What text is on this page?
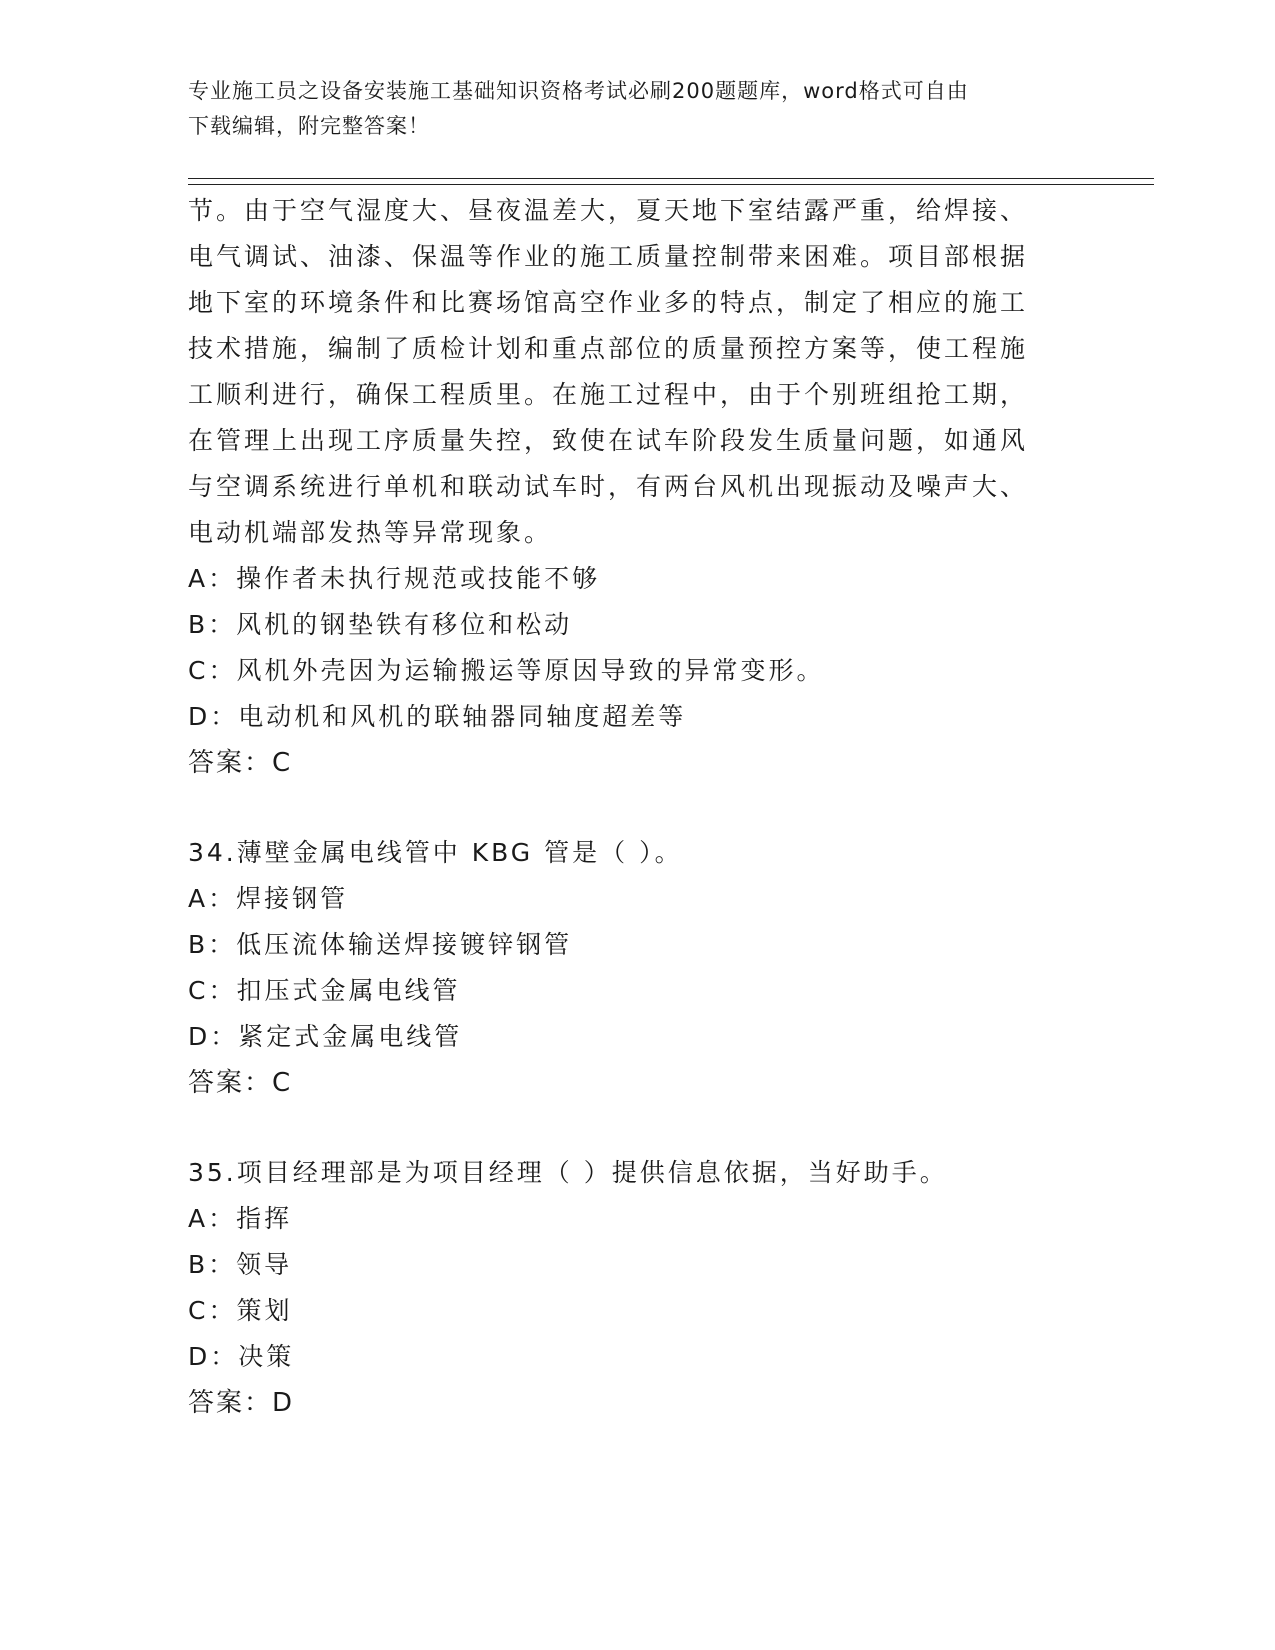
专业施工员之设备安装施工基础知识资格考试必刷200题题库，word格式可自由
下载编辑，附完整答案！
节。由于空气湿度大、昼夜温差大，夏天地下室结露严重，给焊接、
电气调试、油漆、保温等作业的施工质量控制带来困难。项目部根据
地下室的环境条件和比赛场馆高空作业多的特点，制定了相应的施工
技术措施，编制了质检计划和重点部位的质量预控方案等，使工程施
工顺利进行，确保工程质里。在施工过程中，由于个别班组抢工期，
在管理上出现工序质量失控，致使在试车阶段发生质量问题，如通风
与空调系统进行单机和联动试车时，有两台风机出现振动及噪声大、
电动机端部发热等异常现象。
A：操作者未执行规范或技能不够
B：风机的钢垫铁有移位和松动
C：风机外壳因为运输搬运等原因导致的异常变形。
D：电动机和风机的联轴器同轴度超差等
答案：C
34.薄壁金属电线管中 KBG 管是（ ）。
A：焊接钢管
B：低压流体输送焊接镀锌钢管
C：扣压式金属电线管
D：紧定式金属电线管
答案：C
35.项目经理部是为项目经理（ ）提供信息依据，当好助手。
A：指挥
B：领导
C：策划
D：决策
答案：D
